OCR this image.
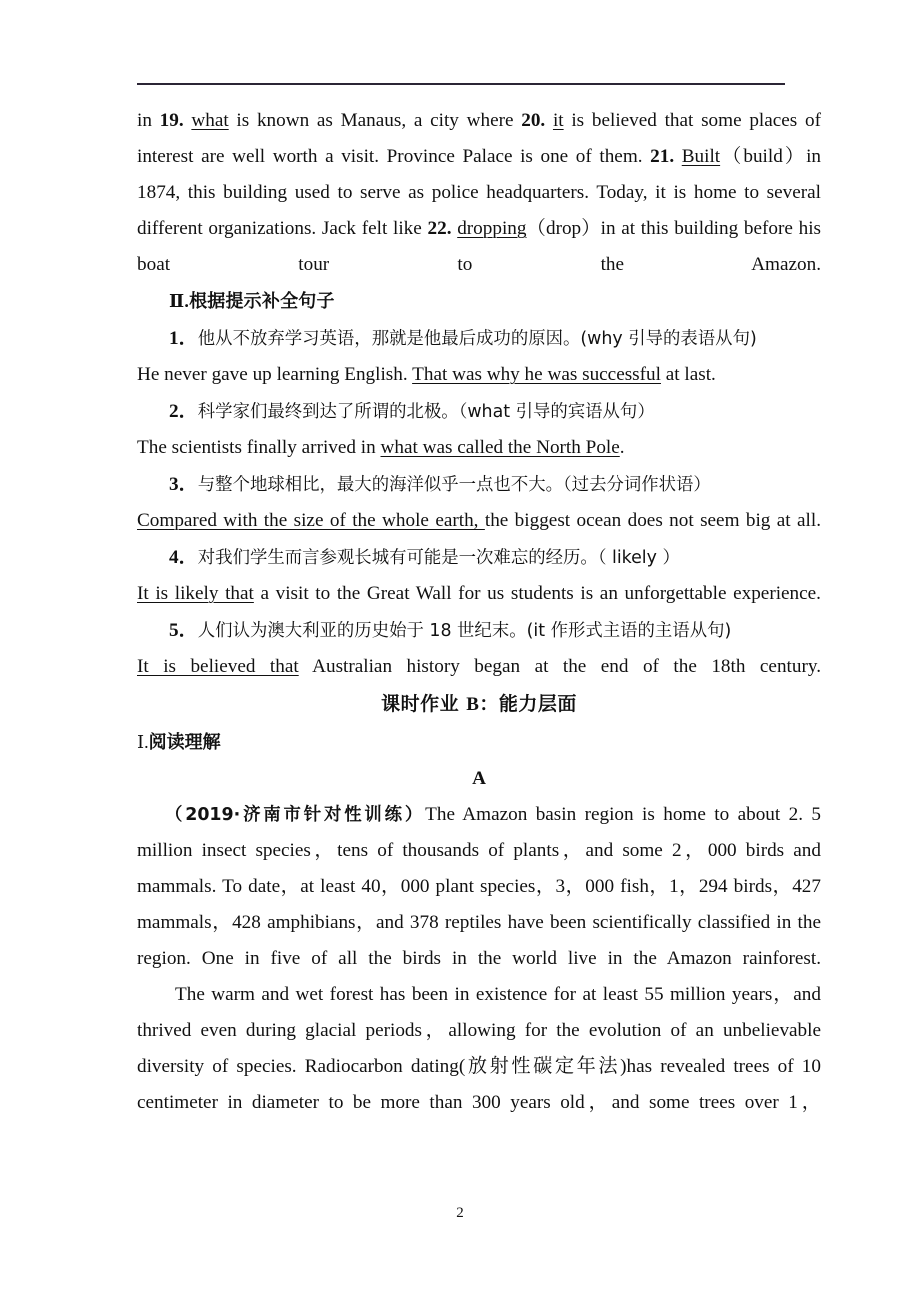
in 19. what is known as Manaus, a city where 20. it is believed that some places of interest are well worth a visit. Province Palace is one of them. 21. Built（build）in 1874, this building used to serve as police headquarters. Today, it is home to several different organizations. Jack felt like 22. dropping（drop）in at this building before his boat tour to the Amazon.

Ⅱ.根据提示补全句子

1．他从不放弃学习英语，那就是他最后成功的原因。(why 引导的表语从句)

He never gave up learning English. That was why he was successful at last.

2．科学家们最终到达了所谓的北极。（what 引导的宾语从句）

The scientists finally arrived in what was called the North Pole.

3．与整个地球相比，最大的海洋似乎一点也不大。（过去分词作状语）

Compared with the size of the whole earth, the biggest ocean does not seem big at all.

4．对我们学生而言参观长城有可能是一次难忘的经历。（ likely ）

It is likely that a visit to the Great Wall for us students is an unforgettable experience.

5．人们认为澳大利亚的历史始于 18 世纪末。(it 作形式主语的主语从句)

It is believed that Australian history began at the end of the 18th century.

课时作业 B：能力层面

Ⅰ.阅读理解

A

（2019·济南市针对性训练）The Amazon basin region is home to about 2. 5 million insect species，tens of thousands of plants，and some 2，000 birds and mammals. To date，at least 40，000 plant species，3，000 fish，1，294 birds，427 mammals，428 amphibians，and 378 reptiles have been scientifically classified in the region. One in five of all the birds in the world live in the Amazon rainforest.

The warm and wet forest has been in existence for at least 55 million years，and thrived even during glacial periods，allowing for the evolution of an unbelievable diversity of species. Radiocarbon dating(放射性碳定年法)has revealed trees of 10 centimeter in diameter to be more than 300 years old，and some trees over 1，

2
